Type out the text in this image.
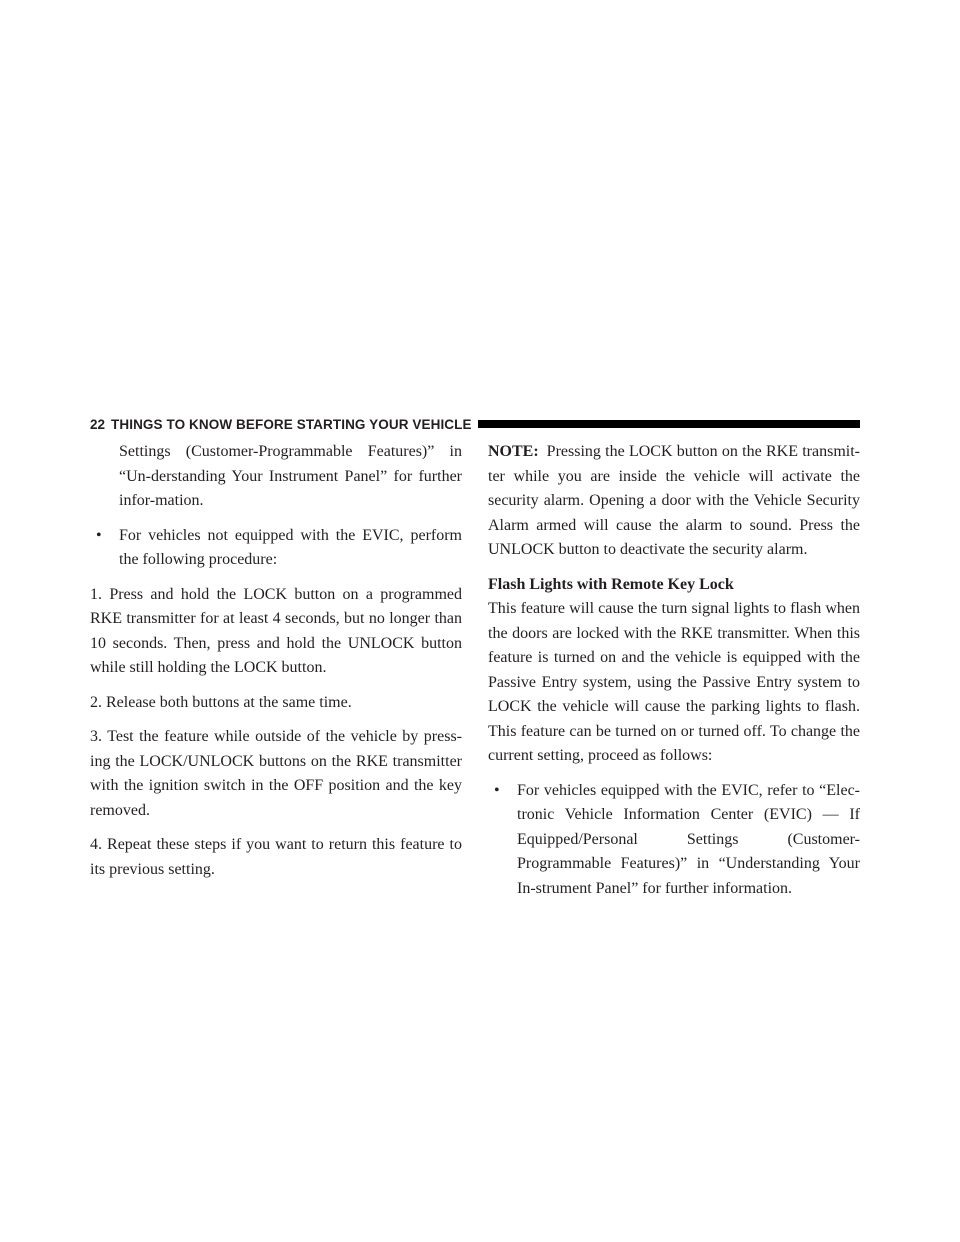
22 THINGS TO KNOW BEFORE STARTING YOUR VEHICLE

Settings (Customer-Programmable Features)” in “Un-derstanding Your Instrument Panel” for further infor-mation.

• For vehicles not equipped with the EVIC, perform the following procedure:

1. Press and hold the LOCK button on a programmed RKE transmitter for at least 4 seconds, but no longer than 10 seconds. Then, press and hold the UNLOCK button while still holding the LOCK button.

2. Release both buttons at the same time.

3. Test the feature while outside of the vehicle by press-ing the LOCK/UNLOCK buttons on the RKE transmitter with the ignition switch in the OFF position and the key removed.

4. Repeat these steps if you want to return this feature to its previous setting.

NOTE: Pressing the LOCK button on the RKE transmit-ter while you are inside the vehicle will activate the security alarm. Opening a door with the Vehicle Security Alarm armed will cause the alarm to sound. Press the UNLOCK button to deactivate the security alarm.

Flash Lights with Remote Key Lock

This feature will cause the turn signal lights to flash when the doors are locked with the RKE transmitter. When this feature is turned on and the vehicle is equipped with the Passive Entry system, using the Passive Entry system to LOCK the vehicle will cause the parking lights to flash. This feature can be turned on or turned off. To change the current setting, proceed as follows:

• For vehicles equipped with the EVIC, refer to “Elec-tronic Vehicle Information Center (EVIC) — If Equipped/Personal Settings (Customer-Programmable Features)” in “Understanding Your In-strument Panel” for further information.
